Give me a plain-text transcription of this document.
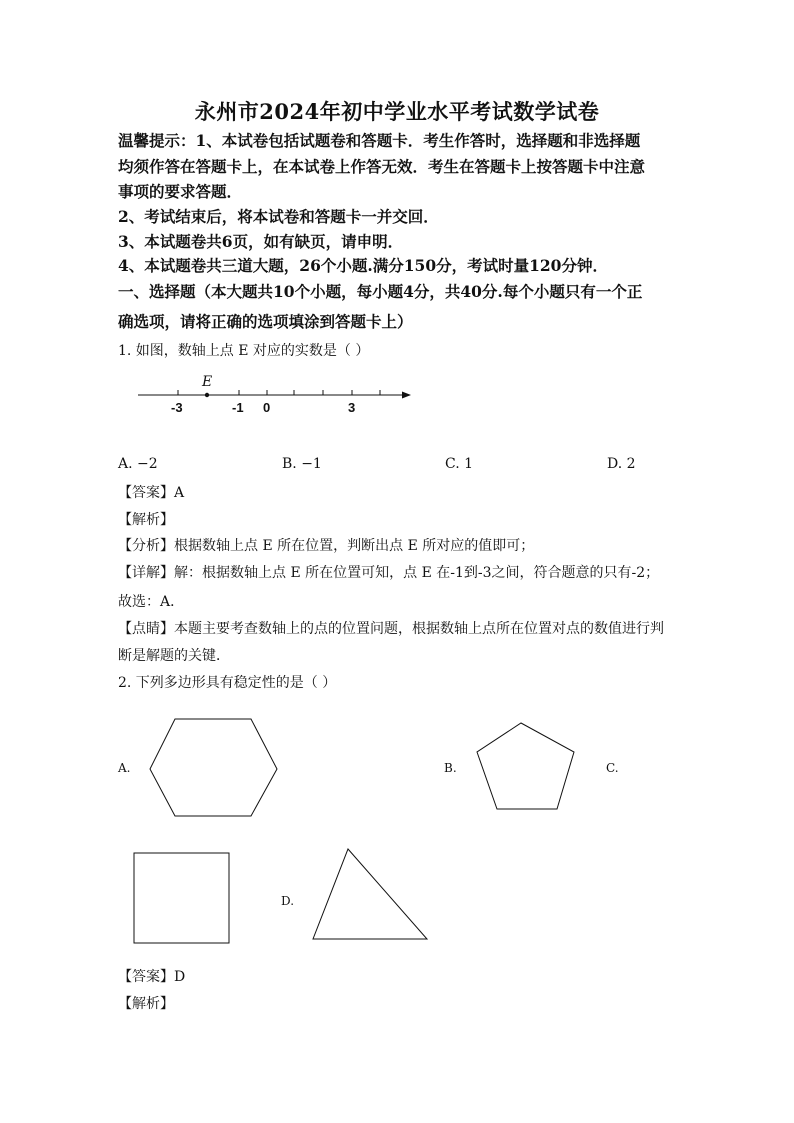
永州市2024年初中学业水平考试数学试卷
温馨提示：1、本试卷包括试题卷和答题卡．考生作答时，选择题和非选择题
均须作答在答题卡上，在本试卷上作答无效．考生在答题卡上按答题卡中注意
事项的要求答题．
2、考试结束后，将本试卷和答题卡一并交回．
3、本试题卷共6页，如有缺页，请申明．
4、本试题卷共三道大题，26个小题.满分150分，考试时量120分钟．
一、选择题（本大题共10个小题，每小题4分，共40分.每个小题只有一个正
确选项，请将正确的选项填涂到答题卡上）
1. 如图，数轴上点 E 对应的实数是（ ）
E
-3	-1 0	3
A. −2	B. −1	C. 1	D. 2
【答案】A
【解析】
【分析】根据数轴上点 E 所在位置，判断出点 E 所对应的值即可；
【详解】解：根据数轴上点 E 所在位置可知，点 E 在-1到-3之间，符合题意的只有-2；
故选：A．
【点睛】本题主要考查数轴上的点的位置问题，根据数轴上点所在位置对点的数值进行判
断是解题的关键．
2. 下列多边形具有稳定性的是（ ）
A.	B.	C.
D.
【答案】D
【解析】
